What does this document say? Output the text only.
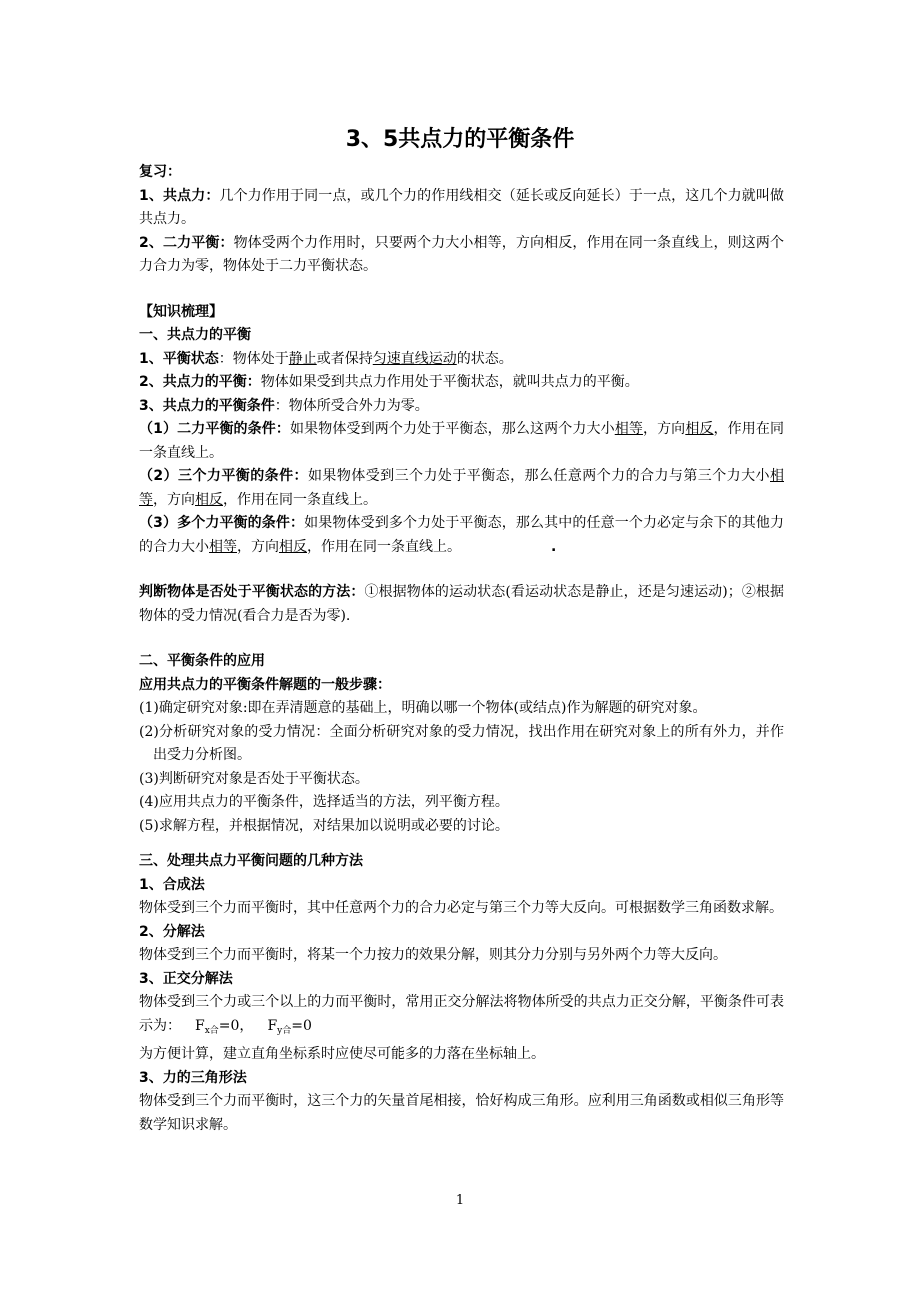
3、5共点力的平衡条件

复习：

1、共点力：几个力作用于同一点，或几个力的作用线相交（延长或反向延长）于一点，这几个力就叫做共点力。

2、二力平衡：物体受两个力作用时，只要两个力大小相等，方向相反，作用在同一条直线上，则这两个力合力为零，物体处于二力平衡状态。

【知识梳理】

一、共点力的平衡

1、平衡状态：物体处于静止或者保持匀速直线运动的状态。

2、共点力的平衡：物体如果受到共点力作用处于平衡状态，就叫共点力的平衡。

3、共点力的平衡条件：物体所受合外力为零。

（1）二力平衡的条件：如果物体受到两个力处于平衡态，那么这两个力大小相等，方向相反，作用在同一条直线上。

（2）三个力平衡的条件：如果物体受到三个力处于平衡态，那么任意两个力的合力与第三个力大小相等，方向相反，作用在同一条直线上。

（3）多个力平衡的条件：如果物体受到多个力处于平衡态，那么其中的任意一个力必定与余下的其他力的合力大小相等，方向相反，作用在同一条直线上。	.

判断物体是否处于平衡状态的方法：①根据物体的运动状态(看运动状态是静止，还是匀速运动)；②根据物体的受力情况(看合力是否为零).

二、平衡条件的应用

应用共点力的平衡条件解题的一般步骤：

(1)确定研究对象:即在弄清题意的基础上，明确以哪一个物体(或结点)作为解题的研究对象。

(2)分析研究对象的受力情况：全面分析研究对象的受力情况，找出作用在研究对象上的所有外力，并作出受力分析图。

(3)判断研究对象是否处于平衡状态。

(4)应用共点力的平衡条件，选择适当的方法，列平衡方程。

(5)求解方程，并根据情况，对结果加以说明或必要的讨论。

三、处理共点力平衡问题的几种方法

1、合成法

物体受到三个力而平衡时，其中任意两个力的合力必定与第三个力等大反向。可根据数学三角函数求解。

2、分解法

物体受到三个力而平衡时，将某一个力按力的效果分解，则其分力分别与另外两个力等大反向。

3、正交分解法

物体受到三个力或三个以上的力而平衡时，常用正交分解法将物体所受的共点力正交分解，平衡条件可表示为： $F_{x合}=0$， $F_{y合}=0$

为方便计算，建立直角坐标系时应使尽可能多的力落在坐标轴上。

3、力的三角形法

物体受到三个力而平衡时，这三个力的矢量首尾相接，恰好构成三角形。应利用三角函数或相似三角形等数学知识求解。

1
